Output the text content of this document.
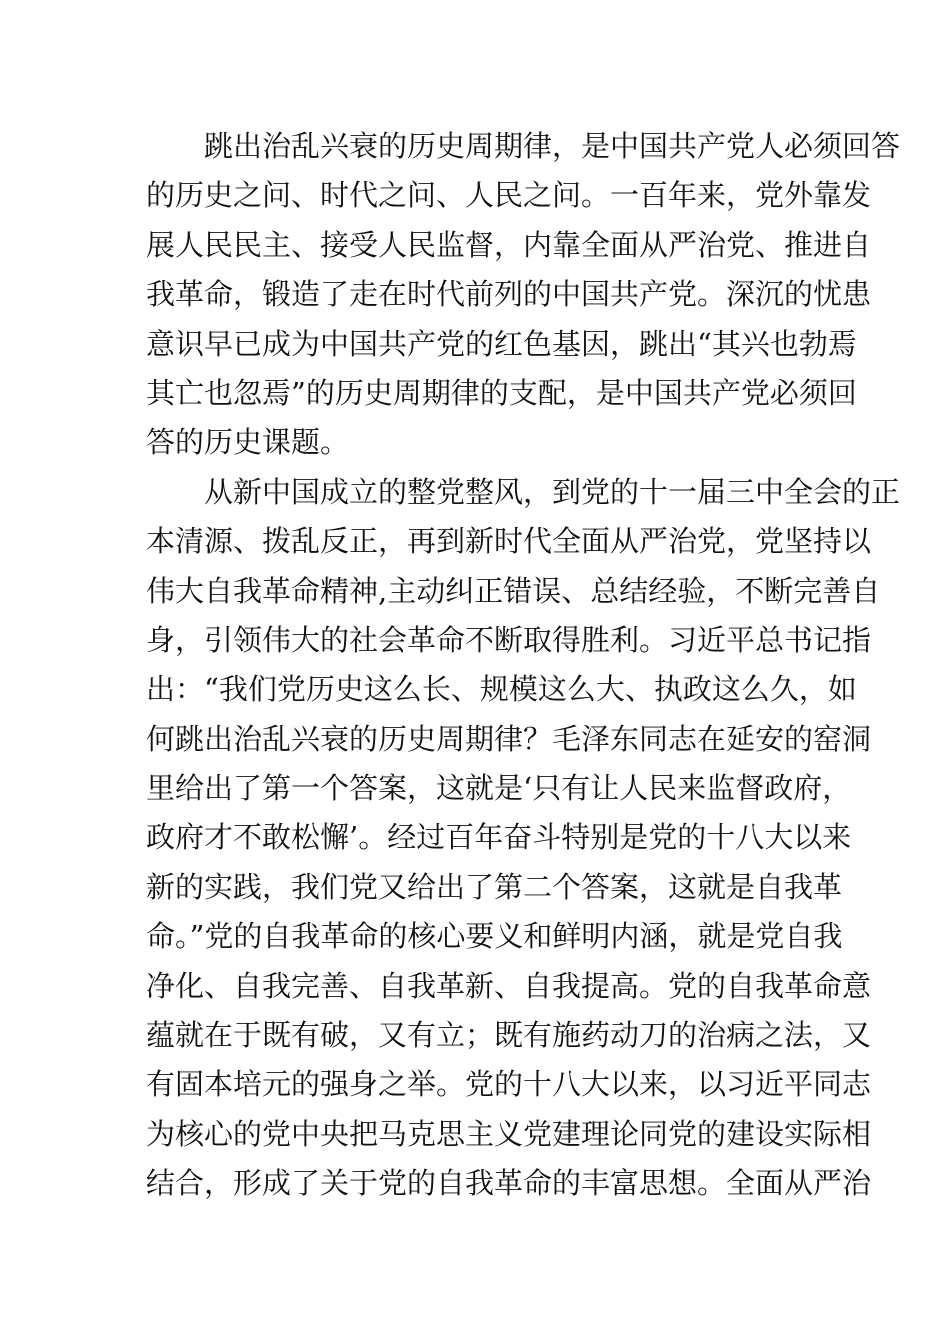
跳出治乱兴衰的历史周期律，是中国共产党人必须回答
的历史之问、时代之问、人民之问。一百年来，党外靠发
展人民民主、接受人民监督，内靠全面从严治党、推进自
我革命，锻造了走在时代前列的中国共产党。深沉的忧患
意识早已成为中国共产党的红色基因，跳出“其兴也勃焉
其亡也忽焉”的历史周期律的支配，是中国共产党必须回
答的历史课题。
从新中国成立的整党整风，到党的十一届三中全会的正
本清源、拨乱反正，再到新时代全面从严治党，党坚持以
伟大自我革命精神,主动纠正错误、总结经验，不断完善自
身，引领伟大的社会革命不断取得胜利。习近平总书记指
出：“我们党历史这么长、规模这么大、执政这么久，如
何跳出治乱兴衰的历史周期律？毛泽东同志在延安的窑洞
里给出了第一个答案，这就是‘只有让人民来监督政府，
政府才不敢松懈’。经过百年奋斗特别是党的十八大以来
新的实践，我们党又给出了第二个答案，这就是自我革
命。”党的自我革命的核心要义和鲜明内涵，就是党自我
净化、自我完善、自我革新、自我提高。党的自我革命意
蕴就在于既有破，又有立；既有施药动刀的治病之法，又
有固本培元的强身之举。党的十八大以来，以习近平同志
为核心的党中央把马克思主义党建理论同党的建设实际相
结合，形成了关于党的自我革命的丰富思想。全面从严治
